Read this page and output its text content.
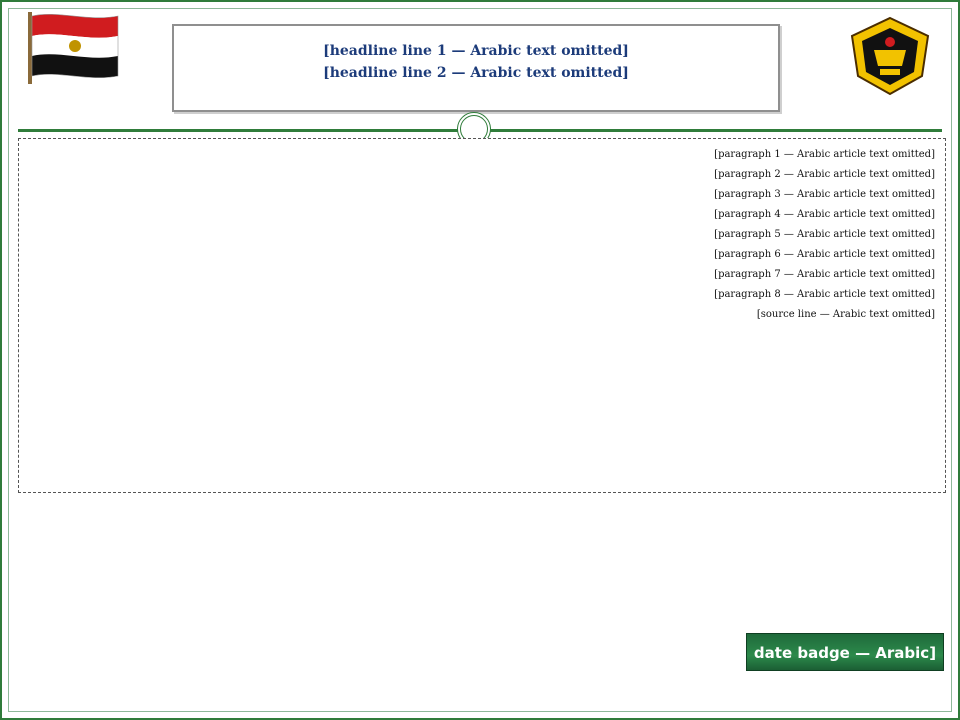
[headline line 1 — Arabic text omitted]
[headline line 2 — Arabic text omitted]

[paragraph 1 — Arabic article text omitted]

[paragraph 2 — Arabic article text omitted]

[paragraph 3 — Arabic article text omitted]

[paragraph 4 — Arabic article text omitted]

[paragraph 5 — Arabic article text omitted]

[paragraph 6 — Arabic article text omitted]

[paragraph 7 — Arabic article text omitted]

[paragraph 8 — Arabic article text omitted]

[source line — Arabic text omitted]

[date badge — Arabic text omitted]
